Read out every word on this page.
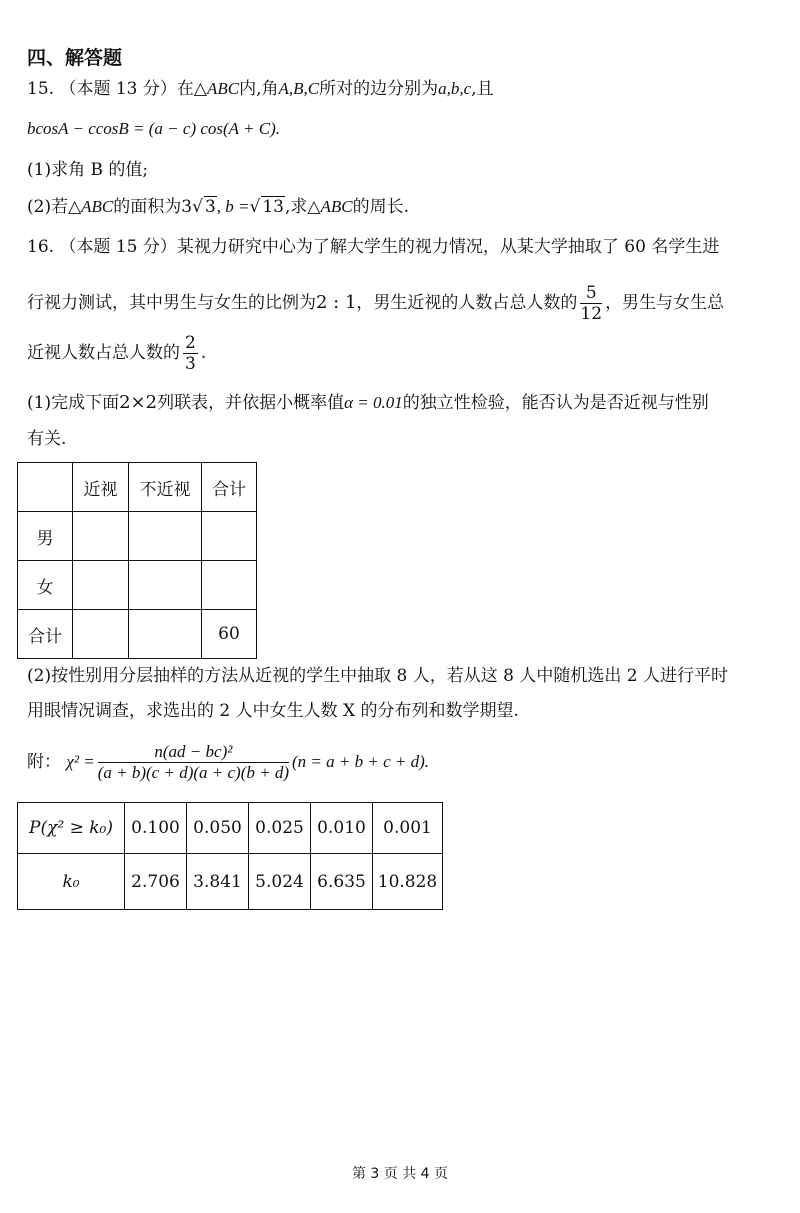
四、解答题
15. （本题 13 分）在△ABC内,角A,B,C所对的边分别为a,b,c,且
bcosA − ccosB = (a − c) cos(A + C).
(1)求角 B 的值;
(2)若△ABC的面积为3√ 3, b =√ 13,求△ABC的周长.
16. （本题 15 分）某视力研究中心为了解大学生的视力情况，从某大学抽取了 60 名学生进
行视力测试，其中男生与女生的比例为2 : 1，男生近视的人数占总人数的 $\frac{5}{12}$ ，男生与女生总
近视人数占总人数的 $\frac{2}{3}$ .
(1)完成下面2×2列联表，并依据小概率值α = 0.01的独立性检验，能否认为是否近视与性别
有关.
	近视	不近视	合计
男			
女			
合计			60
(2)按性别用分层抽样的方法从近视的学生中抽取 8 人，若从这 8 人中随机选出 2 人进行平时
用眼情况调查，求选出的 2 人中女生人数 X 的分布列和数学期望.
附： $\chi^2 = \frac{\text{n(ad − bc)²}}{(a + b)(c + d)(a + c)(b + d)} (n = a + b + c + d)$.
P(χ² ≥ k₀)	0.100	0.050	0.025	0.010	0.001
k₀	2.706	3.841	5.024	6.635	10.828
第 3 页 共 4 页
